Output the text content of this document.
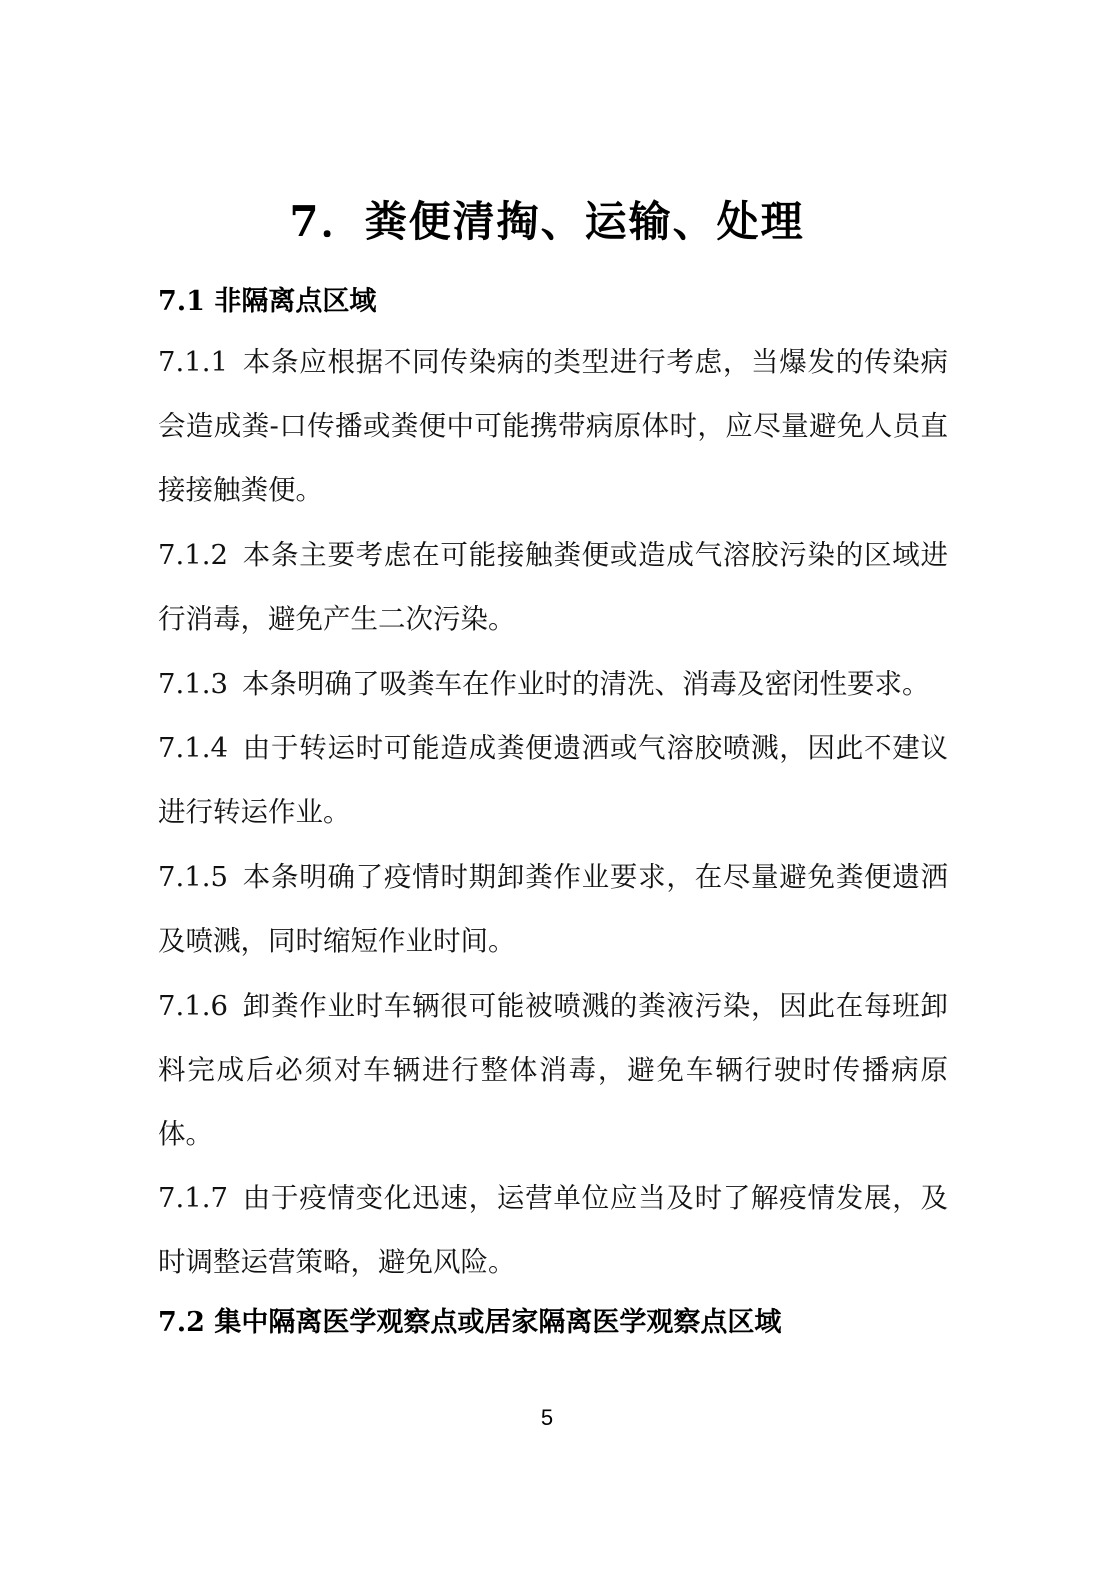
7．粪便清掏、运输、处理
7.1 非隔离点区域
7.1.1 本条应根据不同传染病的类型进行考虑，当爆发的传染病会造成粪-口传播或粪便中可能携带病原体时，应尽量避免人员直接接触粪便。
7.1.2 本条主要考虑在可能接触粪便或造成气溶胶污染的区域进行消毒，避免产生二次污染。
7.1.3 本条明确了吸粪车在作业时的清洗、消毒及密闭性要求。
7.1.4 由于转运时可能造成粪便遗洒或气溶胶喷溅，因此不建议进行转运作业。
7.1.5 本条明确了疫情时期卸粪作业要求，在尽量避免粪便遗洒及喷溅，同时缩短作业时间。
7.1.6 卸粪作业时车辆很可能被喷溅的粪液污染，因此在每班卸料完成后必须对车辆进行整体消毒，避免车辆行驶时传播病原体。
7.1.7 由于疫情变化迅速，运营单位应当及时了解疫情发展，及时调整运营策略，避免风险。
7.2 集中隔离医学观察点或居家隔离医学观察点区域
5
